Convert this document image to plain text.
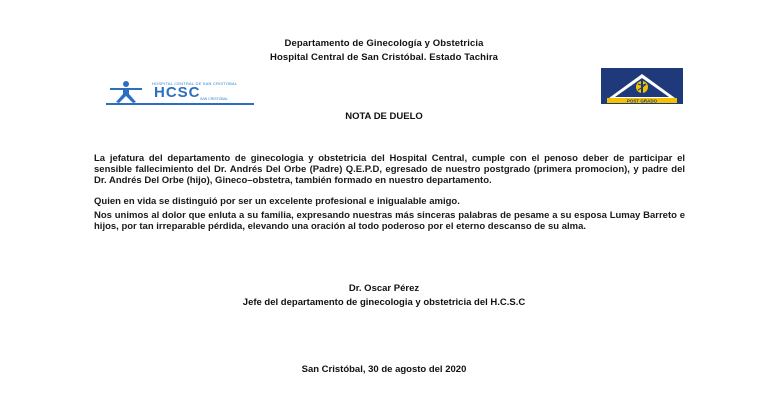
Departamento de Ginecología y Obstetricia
Hospital Central de San Cristóbal. Estado Tachira
HOSPITAL CENTRAL DE SAN CRISTOBAL
HCSC SAN CRISTOBAL	POST GRADO
NOTA DE DUELO
La jefatura del departamento de ginecologia y obstetricia del Hospital Central, cumple con el penoso deber de participar el sensible fallecimiento del Dr. Andrés Del Orbe (Padre) Q.E.P.D, egresado de nuestro postgrado (primera promocion), y padre del Dr. Andrés Del Orbe (hijo), Gineco–obstetra, también formado en nuestro departamento.
Quien en vida se distinguió por ser un excelente profesional e inigualable amigo.
Nos unimos al dolor que enluta a su familia, expresando nuestras más sinceras palabras de pesame a su esposa Lumay Barreto e hijos, por tan irreparable pérdida, elevando una oración al todo poderoso por el eterno descanso de su alma.
Dr. Oscar Pérez
Jefe del departamento de ginecologia y obstetricia del H.C.S.C
San Cristóbal, 30 de agosto del 2020
